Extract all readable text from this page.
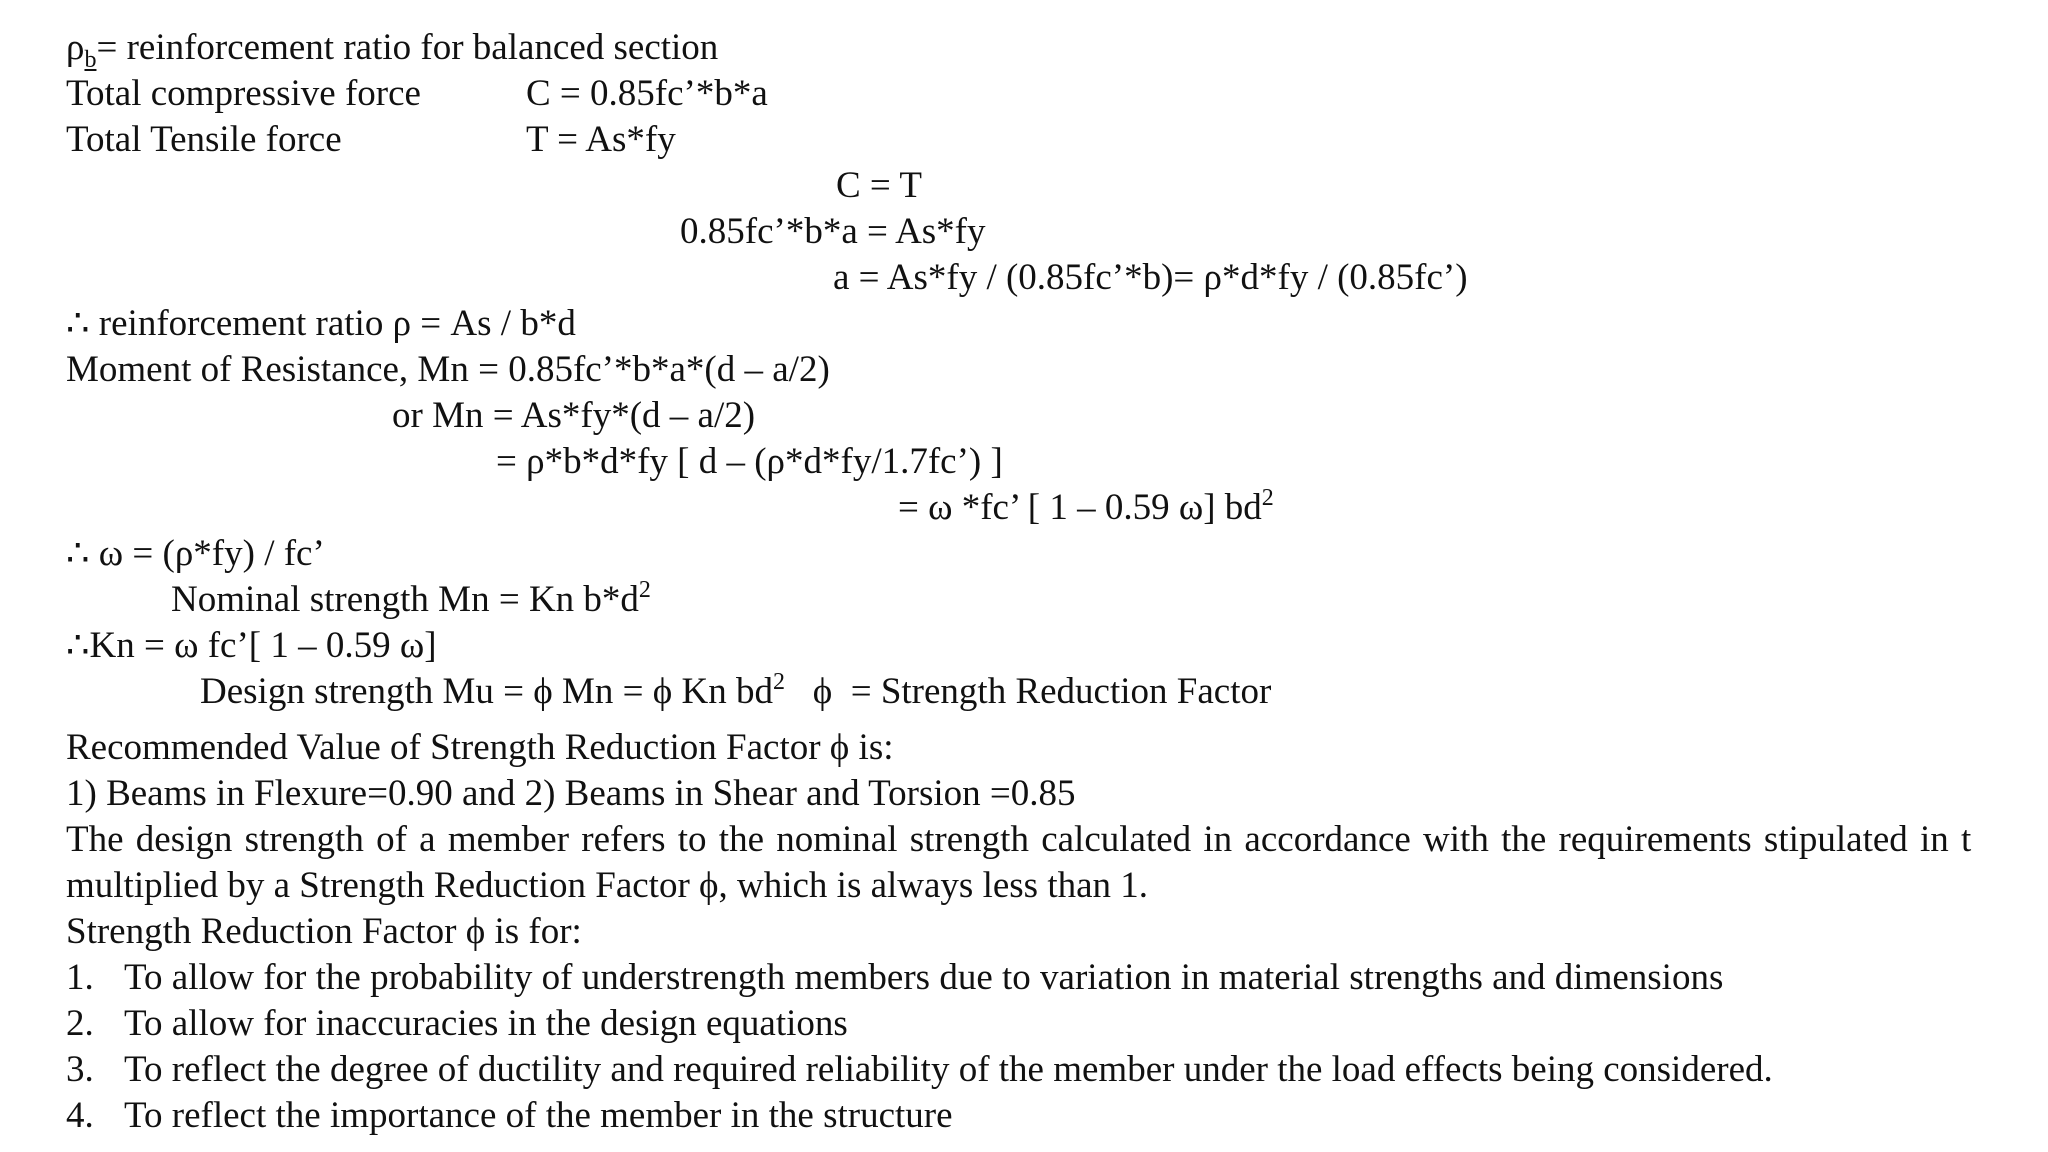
$\rho_b=$ reinforcement ratio for balanced section
Total compressive force	C = 0.85fc’*b*a
Total Tensile force	T = As*fy
C = T
0.85fc’*b*a = As*fy
a = As*fy / (0.85fc’*b)= ρ*d*fy / (0.85fc’)
∴ reinforcement ratio ρ = As / b*d
Moment of Resistance, Mn = 0.85fc’*b*a*(d – a/2)
or Mn = As*fy*(d – a/2)
= ρ*b*d*fy [ d – (ρ*d*fy/1.7fc’) ]
= ω *fc’ [ 1 – 0.59 ω] $bd^2$
∴ ω = (ρ*fy) / fc’
Nominal strength Mn = Kn $b*d^2$
∴Kn = ω fc’[ 1 – 0.59 ω]
Design strength Mu = ϕ Mn = ϕ Kn $bd^2$   ϕ  = Strength Reduction Factor
Recommended Value of Strength Reduction Factor ϕ is:
1) Beams in Flexure=0.90 and 2) Beams in Shear and Torsion =0.85
The design strength of a member refers to the nominal strength calculated in accordance with the requirements stipulated in t
multiplied by a Strength Reduction Factor ϕ, which is always less than 1.
Strength Reduction Factor ϕ is for:
1. To allow for the probability of understrength members due to variation in material strengths and dimensions
2. To allow for inaccuracies in the design equations
3. To reflect the degree of ductility and required reliability of the member under the load effects being considered.
4. To reflect the importance of the member in the structure
